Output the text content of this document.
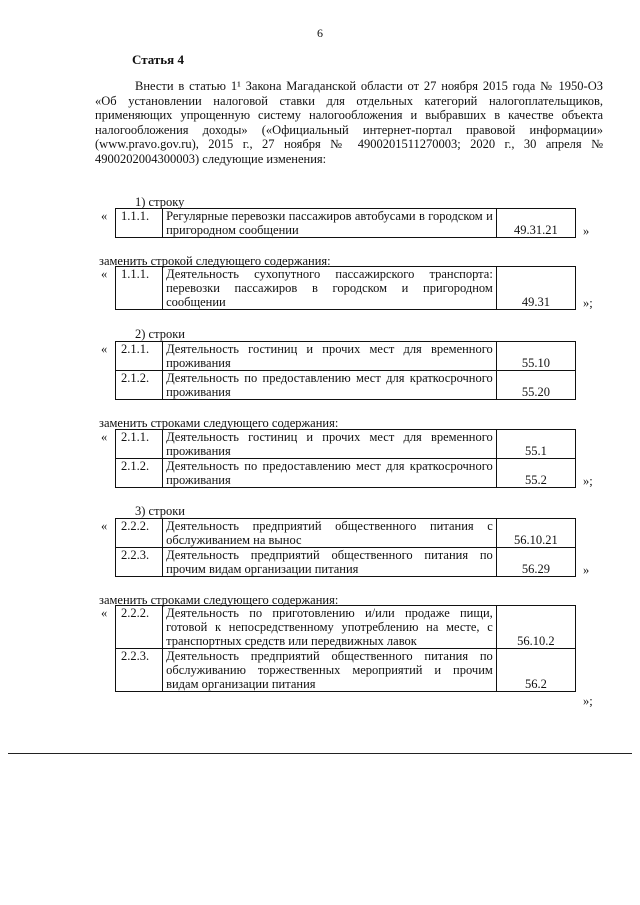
6
Статья 4
Внести в статью 1¹ Закона Магаданской области от 27 ноября 2015 года № 1950-ОЗ «Об установлении налоговой ставки для отдельных категорий налогоплательщиков, применяющих упрощенную систему налогообложения и выбравших в качестве объекта налогообложения доходы» («Официальный интернет-портал правовой информации» (www.pravo.gov.ru), 2015 г., 27 ноября № 4900201511270003; 2020 г., 30 апреля № 4900202004300003) следующие изменения:
1) строку
« 1.1.1.	Регулярные перевозки пассажиров автобусами в городском и пригородном сообщении	49.31.21 »
заменить строкой следующего содержания:
« 1.1.1.	Деятельность сухопутного пассажирского транспорта: перевозки пассажиров в городском и пригородном сообщении	49.31	»;
2) строки
« 2.1.1.	Деятельность гостиниц и прочих мест для временного проживания	55.10
2.1.2.	Деятельность по предоставлению мест для краткосрочного проживания	55.20
заменить строками следующего содержания:
« 2.1.1.	Деятельность гостиниц и прочих мест для временного проживания	55.1
2.1.2.	Деятельность по предоставлению мест для краткосрочного проживания	55.2	»;
3) строки
« 2.2.2.	Деятельность предприятий общественного питания с обслуживанием на вынос	56.10.21
2.2.3.	Деятельность предприятий общественного питания по прочим видам организации питания	56.29	»
заменить строками следующего содержания:
« 2.2.2.	Деятельность по приготовлению и/или продаже пищи, готовой к непосредственному употреблению на месте, с транспортных средств или передвижных лавок	56.10.2
2.2.3.	Деятельность предприятий общественного питания по обслуживанию торжественных мероприятий и прочим видам организации питания	56.2
»;
